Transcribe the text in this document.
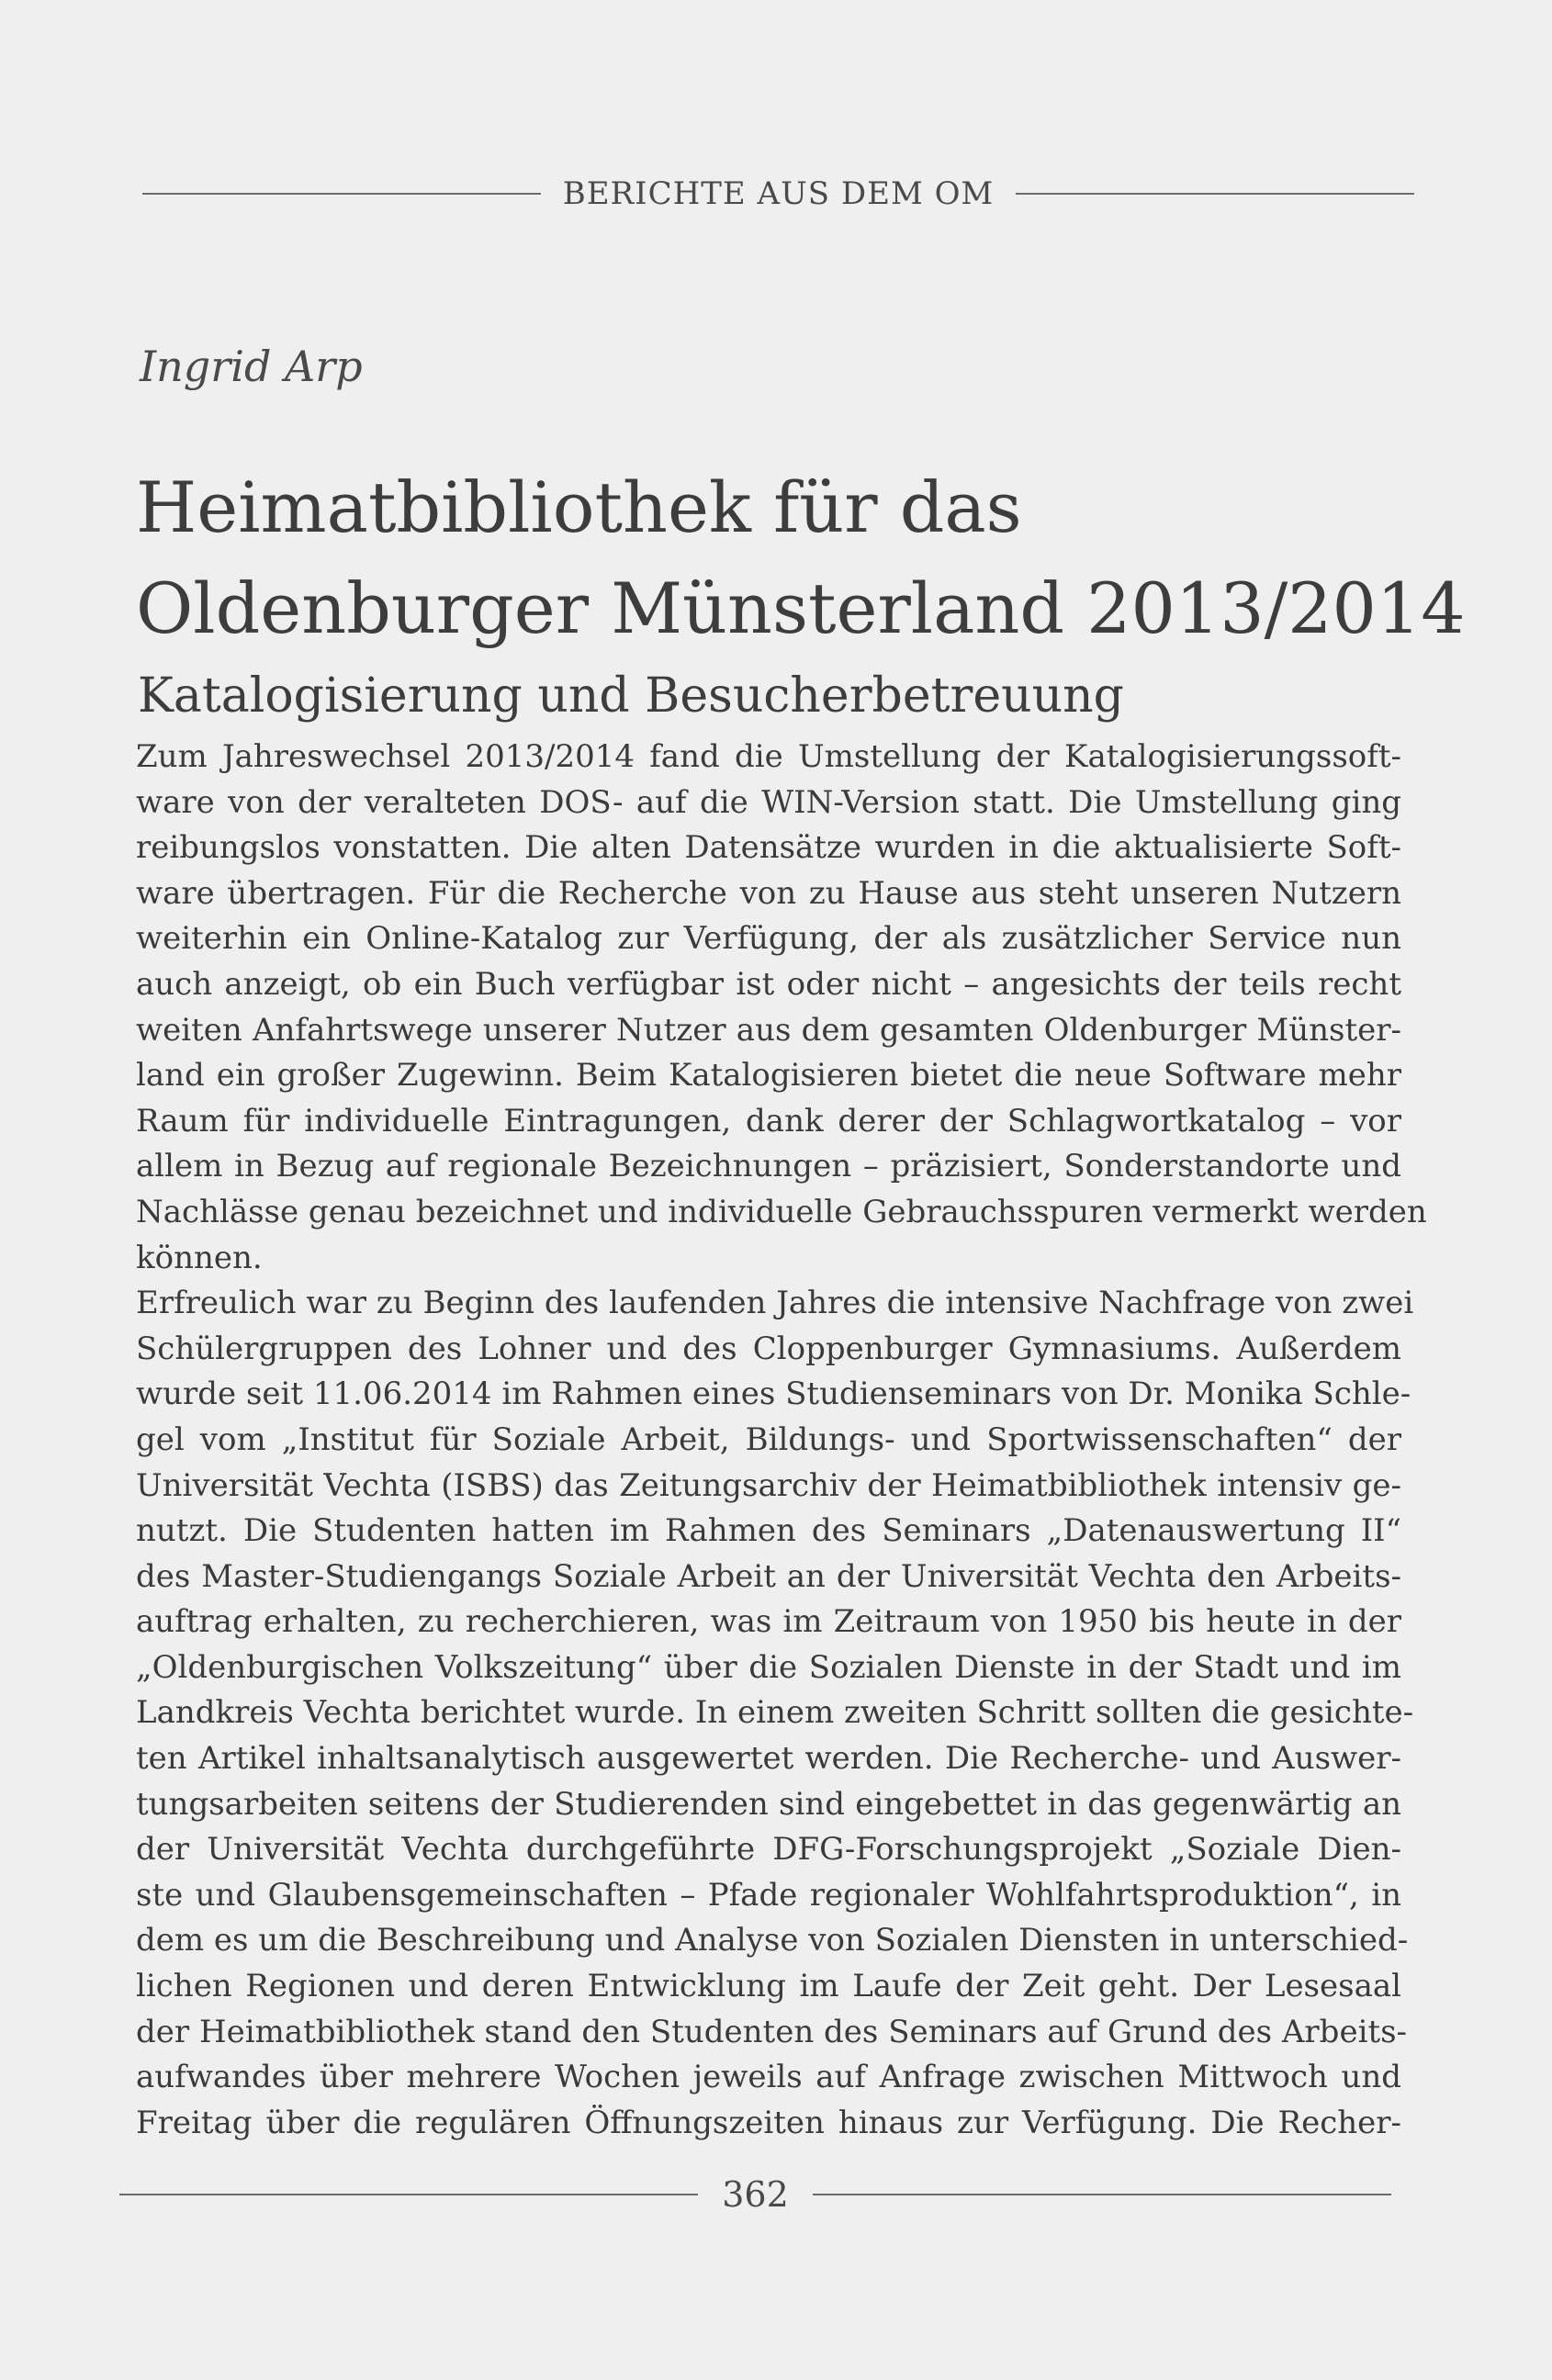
BERICHTE AUS DEM OM
Ingrid Arp
Heimatbibliothek für das
Oldenburger Münsterland 2013/2014
Katalogisierung und Besucherbetreuung
Zum Jahreswechsel 2013/2014 fand die Umstellung der Katalogisierungssoft-
ware von der veralteten DOS- auf die WIN-Version statt. Die Umstellung ging
reibungslos vonstatten. Die alten Datensätze wurden in die aktualisierte Soft-
ware übertragen. Für die Recherche von zu Hause aus steht unseren Nutzern
weiterhin ein Online-Katalog zur Verfügung, der als zusätzlicher Service nun
auch anzeigt, ob ein Buch verfügbar ist oder nicht – angesichts der teils recht
weiten Anfahrtswege unserer Nutzer aus dem gesamten Oldenburger Münster-
land ein großer Zugewinn. Beim Katalogisieren bietet die neue Software mehr
Raum für individuelle Eintragungen, dank derer der Schlagwortkatalog – vor
allem in Bezug auf regionale Bezeichnungen – präzisiert, Sonderstandorte und
Nachlässe genau bezeichnet und individuelle Gebrauchsspuren vermerkt werden
können.
Erfreulich war zu Beginn des laufenden Jahres die intensive Nachfrage von zwei
Schülergruppen des Lohner und des Cloppenburger Gymnasiums. Außerdem
wurde seit 11.06.2014 im Rahmen eines Studienseminars von Dr. Monika Schle-
gel vom „Institut für Soziale Arbeit, Bildungs- und Sportwissenschaften“ der
Universität Vechta (ISBS) das Zeitungsarchiv der Heimatbibliothek intensiv ge-
nutzt. Die Studenten hatten im Rahmen des Seminars „Datenauswertung II“
des Master-Studiengangs Soziale Arbeit an der Universität Vechta den Arbeits-
auftrag erhalten, zu recherchieren, was im Zeitraum von 1950 bis heute in der
„Oldenburgischen Volkszeitung“ über die Sozialen Dienste in der Stadt und im
Landkreis Vechta berichtet wurde. In einem zweiten Schritt sollten die gesichte-
ten Artikel inhaltsanalytisch ausgewertet werden. Die Recherche- und Auswer-
tungsarbeiten seitens der Studierenden sind eingebettet in das gegenwärtig an
der Universität Vechta durchgeführte DFG-Forschungsprojekt „Soziale Dien-
ste und Glaubensgemeinschaften – Pfade regionaler Wohlfahrtsproduktion“, in
dem es um die Beschreibung und Analyse von Sozialen Diensten in unterschied-
lichen Regionen und deren Entwicklung im Laufe der Zeit geht. Der Lesesaal
der Heimatbibliothek stand den Studenten des Seminars auf Grund des Arbeits-
aufwandes über mehrere Wochen jeweils auf Anfrage zwischen Mittwoch und
Freitag über die regulären Öffnungszeiten hinaus zur Verfügung. Die Recher-
362
